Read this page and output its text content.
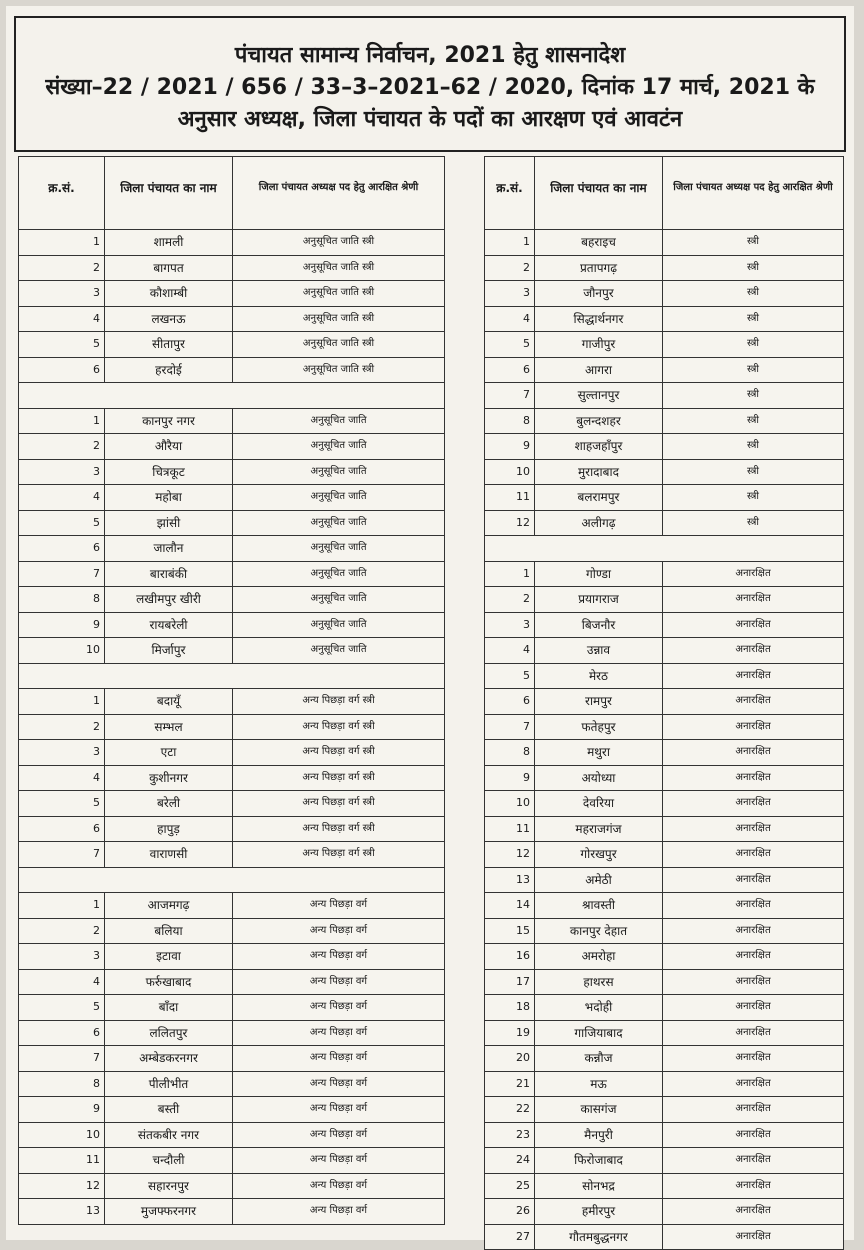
पंचायत सामान्य निर्वाचन, 2021 हेतु शासनादेश
संख्या–22 / 2021 / 656 / 33–3–2021–62 / 2020, दिनांक 17 मार्च, 2021 के
अनुसार अध्यक्ष, जिला पंचायत के पदों का आरक्षण एवं आवटंन
क्र.सं.	जिला पंचायत का नाम	जिला पंचायत अध्यक्ष पद हेतु आरक्षित श्रेणी
1	शामली	अनुसूचित जाति स्त्री
2	बागपत	अनुसूचित जाति स्त्री
3	कौशाम्बी	अनुसूचित जाति स्त्री
4	लखनऊ	अनुसूचित जाति स्त्री
5	सीतापुर	अनुसूचित जाति स्त्री
6	हरदोई	अनुसूचित जाति स्त्री
1	कानपुर नगर	अनुसूचित जाति
2	औरैया	अनुसूचित जाति
3	चित्रकूट	अनुसूचित जाति
4	महोबा	अनुसूचित जाति
5	झांसी	अनुसूचित जाति
6	जालौन	अनुसूचित जाति
7	बाराबंकी	अनुसूचित जाति
8	लखीमपुर खीरी	अनुसूचित जाति
9	रायबरेली	अनुसूचित जाति
10	मिर्जापुर	अनुसूचित जाति
1	बदायूँ	अन्य पिछड़ा वर्ग स्त्री
2	सम्भल	अन्य पिछड़ा वर्ग स्त्री
3	एटा	अन्य पिछड़ा वर्ग स्त्री
4	कुशीनगर	अन्य पिछड़ा वर्ग स्त्री
5	बरेली	अन्य पिछड़ा वर्ग स्त्री
6	हापुड़	अन्य पिछड़ा वर्ग स्त्री
7	वाराणसी	अन्य पिछड़ा वर्ग स्त्री
1	आजमगढ़	अन्य पिछड़ा वर्ग
2	बलिया	अन्य पिछड़ा वर्ग
3	इटावा	अन्य पिछड़ा वर्ग
4	फर्रुखाबाद	अन्य पिछड़ा वर्ग
5	बाँदा	अन्य पिछड़ा वर्ग
6	ललितपुर	अन्य पिछड़ा वर्ग
7	अम्बेडकरनगर	अन्य पिछड़ा वर्ग
8	पीलीभीत	अन्य पिछड़ा वर्ग
9	बस्ती	अन्य पिछड़ा वर्ग
10	संतकबीर नगर	अन्य पिछड़ा वर्ग
11	चन्दौली	अन्य पिछड़ा वर्ग
12	सहारनपुर	अन्य पिछड़ा वर्ग
13	मुजफ्फरनगर	अन्य पिछड़ा वर्ग
क्र.सं.	जिला पंचायत का नाम	जिला पंचायत अध्यक्ष पद हेतु आरक्षित श्रेणी
1	बहराइच	स्त्री
2	प्रतापगढ़	स्त्री
3	जौनपुर	स्त्री
4	सिद्धार्थनगर	स्त्री
5	गाजीपुर	स्त्री
6	आगरा	स्त्री
7	सुल्तानपुर	स्त्री
8	बुलन्दशहर	स्त्री
9	शाहजहाँपुर	स्त्री
10	मुरादाबाद	स्त्री
11	बलरामपुर	स्त्री
12	अलीगढ़	स्त्री
1	गोण्डा	अनारक्षित
2	प्रयागराज	अनारक्षित
3	बिजनौर	अनारक्षित
4	उन्नाव	अनारक्षित
5	मेरठ	अनारक्षित
6	रामपुर	अनारक्षित
7	फतेहपुर	अनारक्षित
8	मथुरा	अनारक्षित
9	अयोध्या	अनारक्षित
10	देवरिया	अनारक्षित
11	महराजगंज	अनारक्षित
12	गोरखपुर	अनारक्षित
13	अमेठी	अनारक्षित
14	श्रावस्ती	अनारक्षित
15	कानपुर देहात	अनारक्षित
16	अमरोहा	अनारक्षित
17	हाथरस	अनारक्षित
18	भदोही	अनारक्षित
19	गाजियाबाद	अनारक्षित
20	कन्नौज	अनारक्षित
21	मऊ	अनारक्षित
22	कासगंज	अनारक्षित
23	मैनपुरी	अनारक्षित
24	फिरोजाबाद	अनारक्षित
25	सोनभद्र	अनारक्षित
26	हमीरपुर	अनारक्षित
27	गौतमबुद्धनगर	अनारक्षित
